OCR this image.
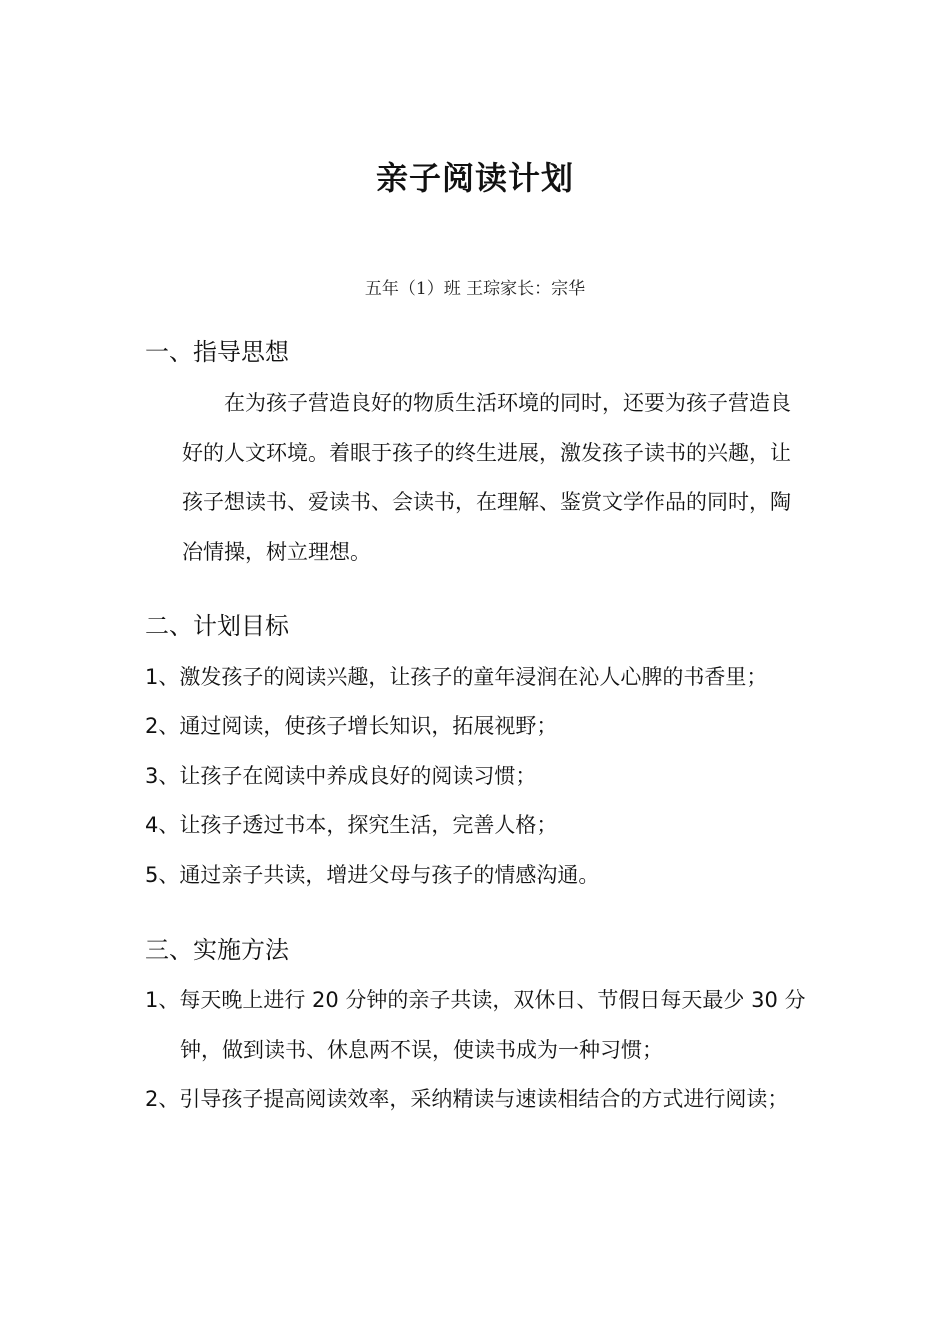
亲子阅读计划
五年（1）班 王琮家长：宗华
一、指导思想
在为孩子营造良好的物质生活环境的同时，还要为孩子营造良好的人文环境。着眼于孩子的终生进展，激发孩子读书的兴趣，让孩子想读书、爱读书、会读书，在理解、鉴赏文学作品的同时，陶冶情操，树立理想。
二、计划目标
1、激发孩子的阅读兴趣，让孩子的童年浸润在沁人心脾的书香里；
2、通过阅读，使孩子增长知识，拓展视野；
3、让孩子在阅读中养成良好的阅读习惯；
4、让孩子透过书本，探究生活，完善人格；
5、通过亲子共读，增进父母与孩子的情感沟通。
三、实施方法
1、每天晚上进行 20 分钟的亲子共读，双休日、节假日每天最少 30 分钟，做到读书、休息两不误，使读书成为一种习惯；
2、引导孩子提高阅读效率，采纳精读与速读相结合的方式进行阅读；
